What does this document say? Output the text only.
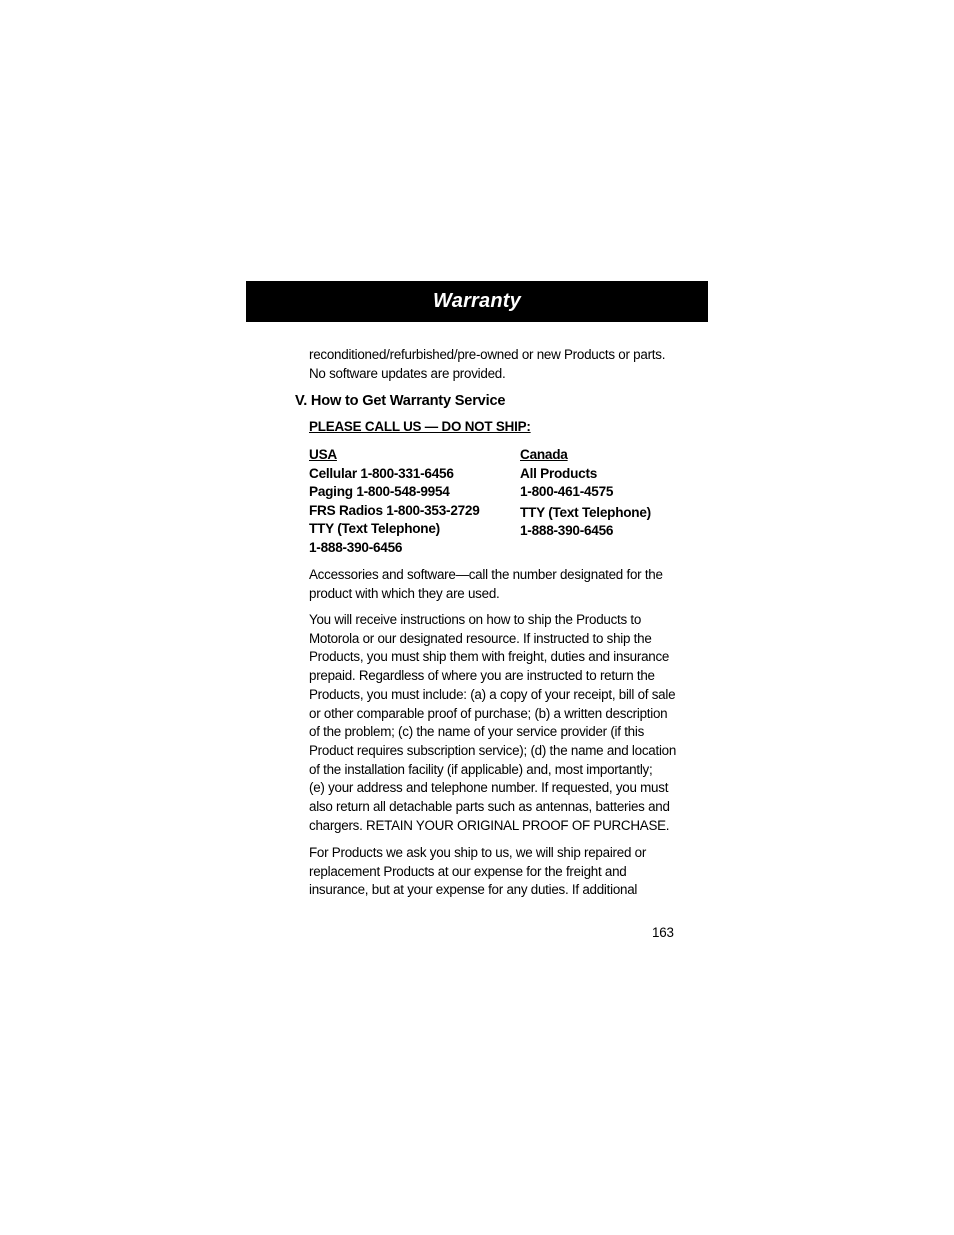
Warranty

reconditioned/refurbished/pre-owned or new Products or parts.

No software updates are provided.

V. How to Get Warranty Service
PLEASE CALL US — DO NOT SHIP:
USA
Cellular 1-800-331-6456
Paging 1-800-548-9954
FRS Radios 1-800-353-2729
TTY (Text Telephone)
1-888-390-6456
Canada
All Products
1-800-461-4575
TTY (Text Telephone)
1-888-390-6456

Accessories and software—call the number designated for the

product with which they are used.

You will receive instructions on how to ship the Products to

Motorola or our designated resource. If instructed to ship the

Products, you must ship them with freight, duties and insurance

prepaid. Regardless of where you are instructed to return the

Products, you must include: (a) a copy of your receipt, bill of sale

or other comparable proof of purchase; (b) a written description

of the problem; (c) the name of your service provider (if this

Product requires subscription service); (d) the name and location

of the installation facility (if applicable) and, most importantly;

(e) your address and telephone number. If requested, you must

also return all detachable parts such as antennas, batteries and

chargers. RETAIN YOUR ORIGINAL PROOF OF PURCHASE.

For Products we ask you ship to us, we will ship repaired or

replacement Products at our expense for the freight and

insurance, but at your expense for any duties. If additional

163
